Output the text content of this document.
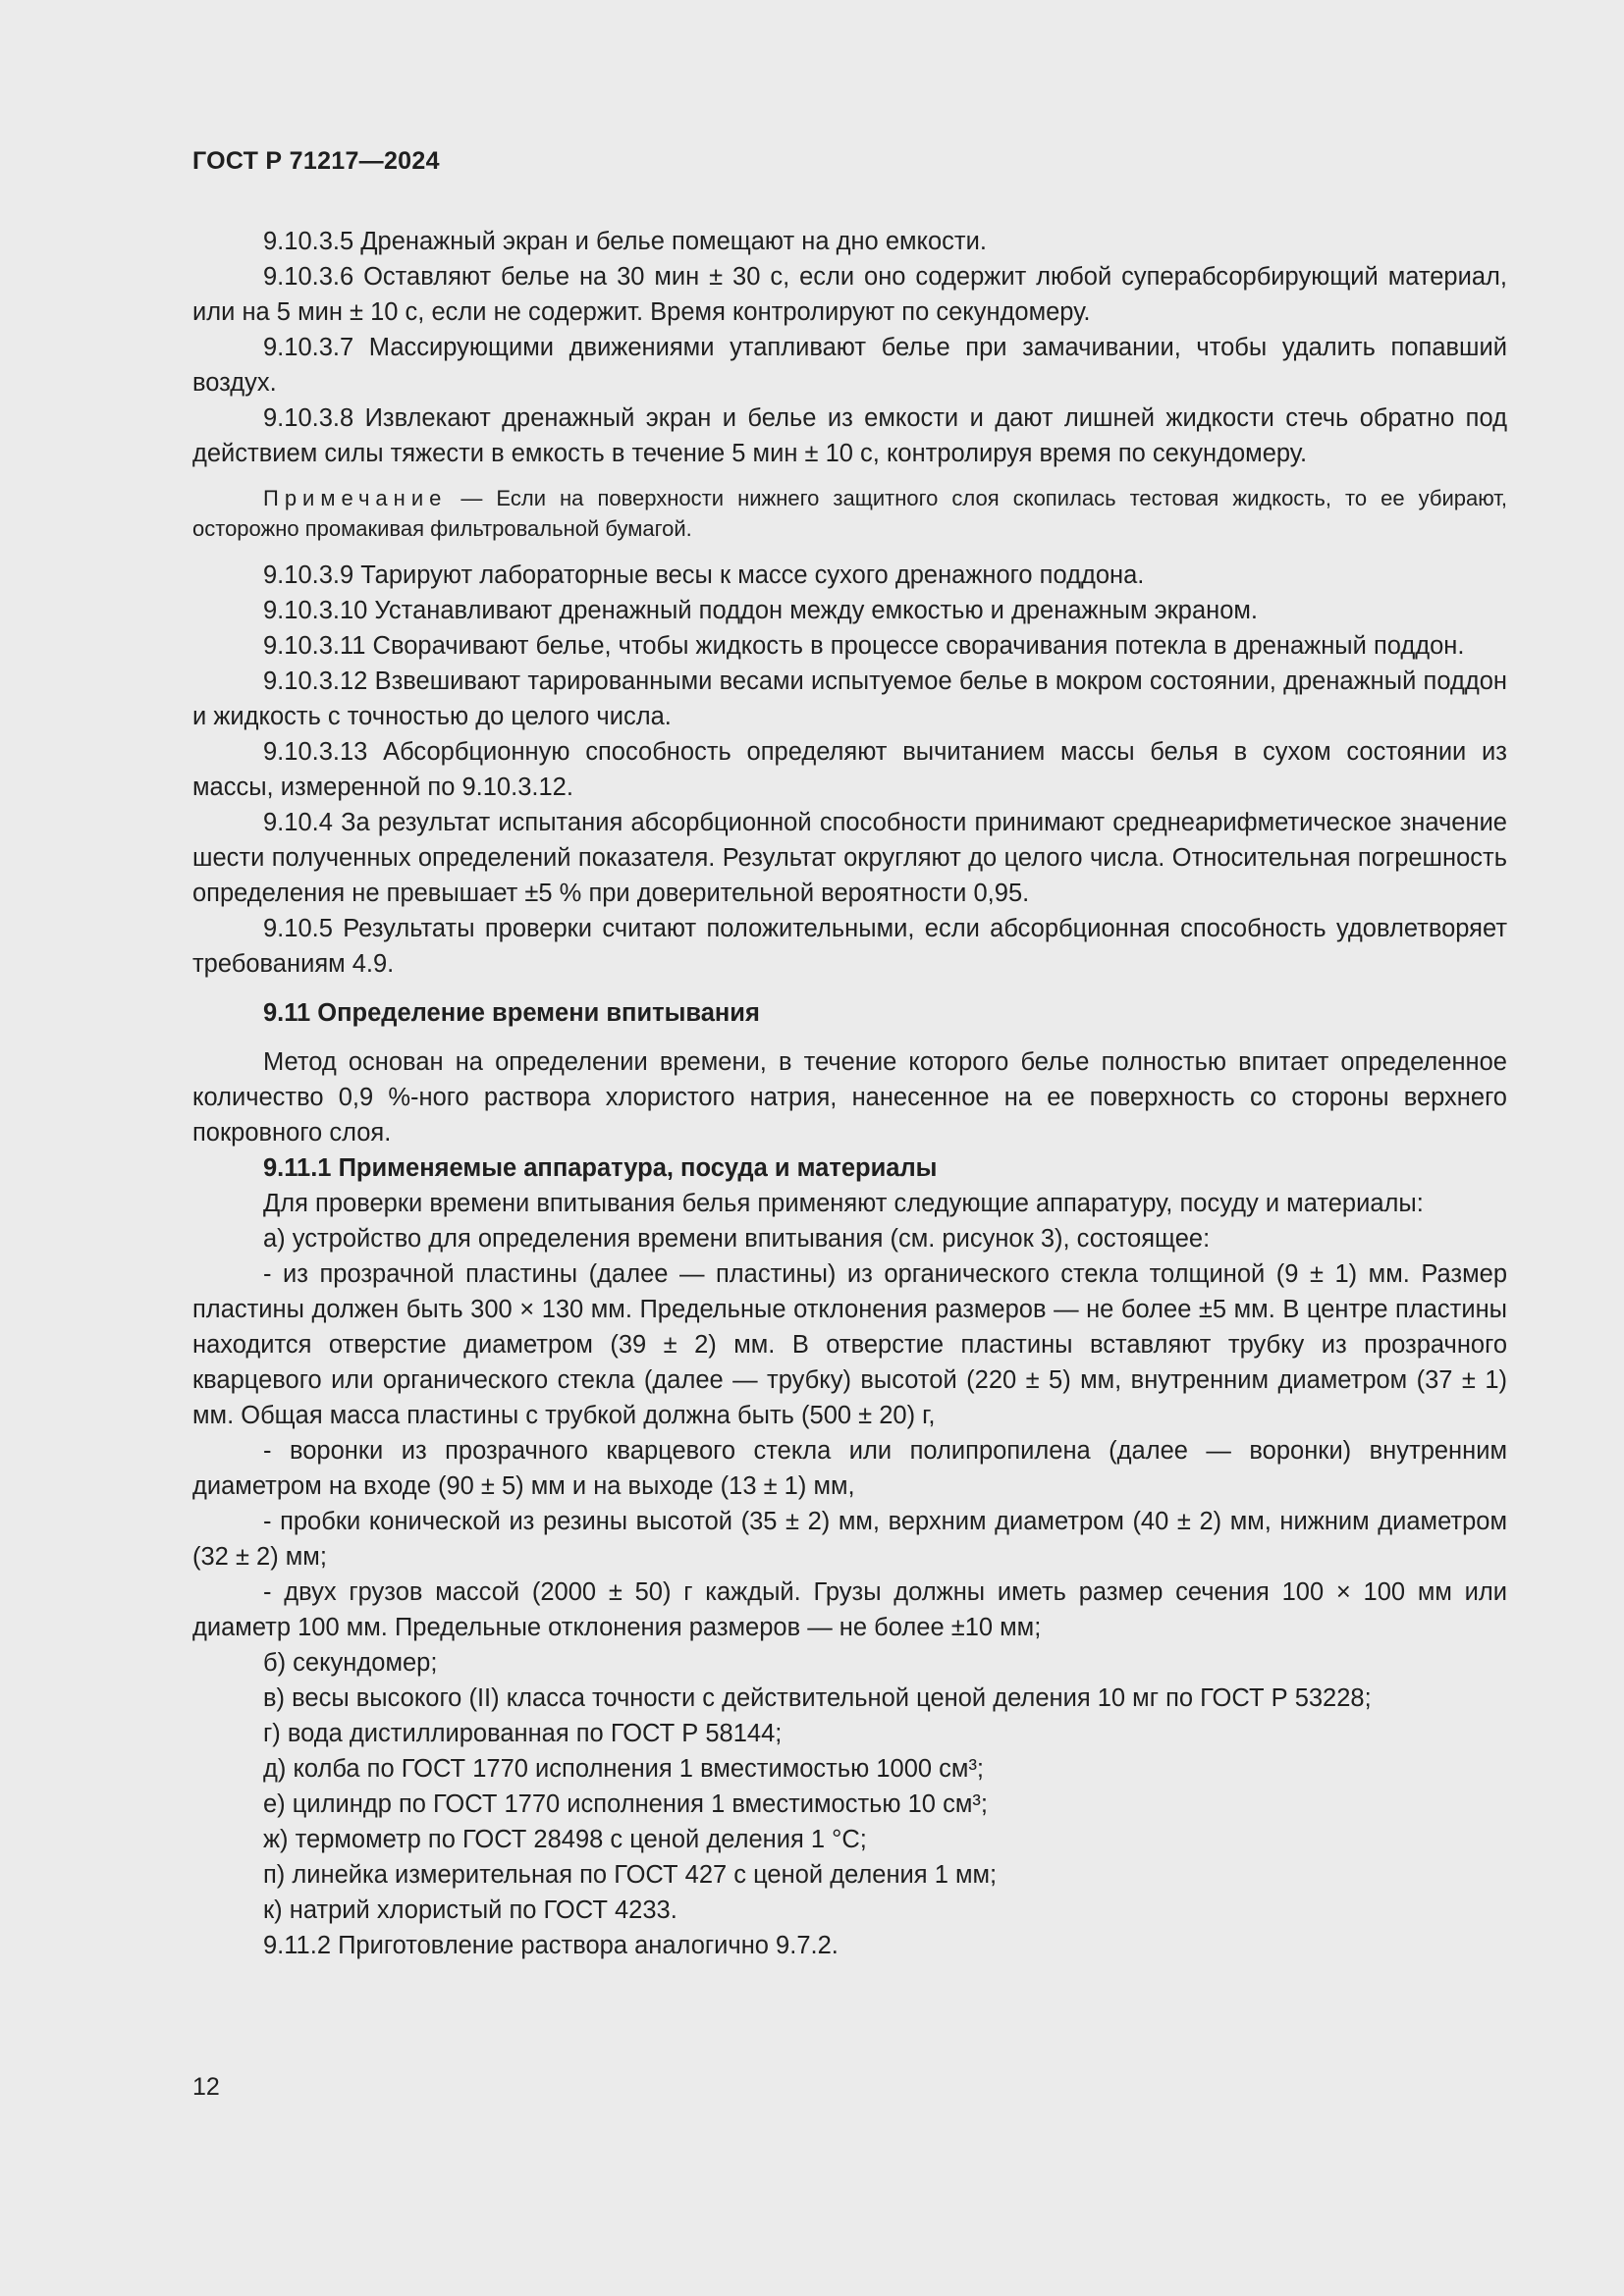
ГОСТ Р 71217—2024

9.10.3.5 Дренажный экран и белье помещают на дно емкости.

9.10.3.6 Оставляют белье на 30 мин ± 30 с, если оно содержит любой суперабсорбирующий материал, или на 5 мин ± 10 с, если не содержит. Время контролируют по секундомеру.

9.10.3.7 Массирующими движениями утапливают белье при замачивании, чтобы удалить попавший воздух.

9.10.3.8 Извлекают дренажный экран и белье из емкости и дают лишней жидкости стечь обратно под действием силы тяжести в емкость в течение 5 мин ± 10 с, контролируя время по секундомеру.

Примечание — Если на поверхности нижнего защитного слоя скопилась тестовая жидкость, то ее убирают, осторожно промакивая фильтровальной бумагой.

9.10.3.9 Тарируют лабораторные весы к массе сухого дренажного поддона.

9.10.3.10 Устанавливают дренажный поддон между емкостью и дренажным экраном.

9.10.3.11 Сворачивают белье, чтобы жидкость в процессе сворачивания потекла в дренажный поддон.

9.10.3.12 Взвешивают тарированными весами испытуемое белье в мокром состоянии, дренажный поддон и жидкость с точностью до целого числа.

9.10.3.13 Абсорбционную способность определяют вычитанием массы белья в сухом состоянии из массы, измеренной по 9.10.3.12.

9.10.4 За результат испытания абсорбционной способности принимают среднеарифметическое значение шести полученных определений показателя. Результат округляют до целого числа. Относительная погрешность определения не превышает ±5 % при доверительной вероятности 0,95.

9.10.5 Результаты проверки считают положительными, если абсорбционная способность удовлетворяет требованиям 4.9.

9.11 Определение времени впитывания

Метод основан на определении времени, в течение которого белье полностью впитает определенное количество 0,9 %-ного раствора хлористого натрия, нанесенное на ее поверхность со стороны верхнего покровного слоя.

9.11.1 Применяемые аппаратура, посуда и материалы

Для проверки времени впитывания белья применяют следующие аппаратуру, посуду и материалы:

а) устройство для определения времени впитывания (см. рисунок 3), состоящее:

- из прозрачной пластины (далее — пластины) из органического стекла толщиной (9 ± 1) мм. Размер пластины должен быть 300 × 130 мм. Предельные отклонения размеров — не более ±5 мм. В центре пластины находится отверстие диаметром (39 ± 2) мм. В отверстие пластины вставляют трубку из прозрачного кварцевого или органического стекла (далее — трубку) высотой (220 ± 5) мм, внутренним диаметром (37 ± 1) мм. Общая масса пластины с трубкой должна быть (500 ± 20) г,

- воронки из прозрачного кварцевого стекла или полипропилена (далее — воронки) внутренним диаметром на входе (90 ± 5) мм и на выходе (13 ± 1) мм,

- пробки конической из резины высотой (35 ± 2) мм, верхним диаметром (40 ± 2) мм, нижним диаметром (32 ± 2) мм;

- двух грузов массой (2000 ± 50) г каждый. Грузы должны иметь размер сечения 100 × 100 мм или диаметр 100 мм. Предельные отклонения размеров — не более ±10 мм;

б) секундомер;

в) весы высокого (II) класса точности с действительной ценой деления 10 мг по ГОСТ Р 53228;

г) вода дистиллированная по ГОСТ Р 58144;

д) колба по ГОСТ 1770 исполнения 1 вместимостью 1000 см³;

е) цилиндр по ГОСТ 1770 исполнения 1 вместимостью 10 см³;

ж) термометр по ГОСТ 28498 с ценой деления 1 °С;

п) линейка измерительная по ГОСТ 427 с ценой деления 1 мм;

к) натрий хлористый по ГОСТ 4233.

9.11.2 Приготовление раствора аналогично 9.7.2.

12
